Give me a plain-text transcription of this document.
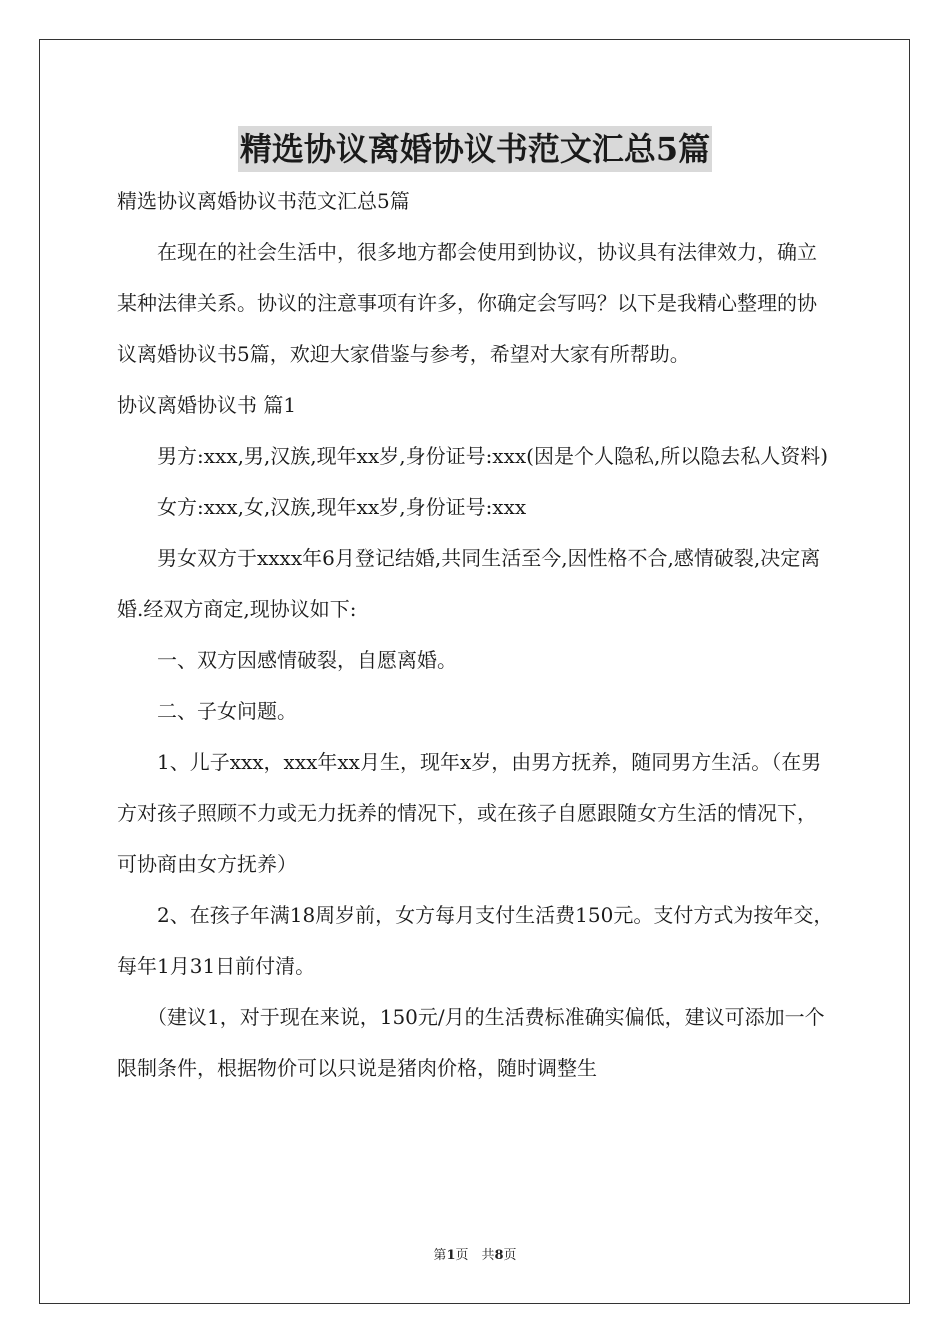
精选协议离婚协议书范文汇总5篇

精选协议离婚协议书范文汇总5篇

在现在的社会生活中，很多地方都会使用到协议，协议具有法律效力，确立某种法律关系。协议的注意事项有许多，你确定会写吗？以下是我精心整理的协议离婚协议书5篇，欢迎大家借鉴与参考，希望对大家有所帮助。

协议离婚协议书 篇1

男方:xxx,男,汉族,现年xx岁,身份证号:xxx(因是个人隐私,所以隐去私人资料)

女方:xxx,女,汉族,现年xx岁,身份证号:xxx

男女双方于xxxx年6月登记结婚,共同生活至今,因性格不合,感情破裂,决定离婚.经双方商定,现协议如下:

一、双方因感情破裂，自愿离婚。

二、子女问题。

1、儿子xxx，xxx年xx月生，现年x岁，由男方抚养，随同男方生活。（在男方对孩子照顾不力或无力抚养的情况下，或在孩子自愿跟随女方生活的情况下，可协商由女方抚养）

2、在孩子年满18周岁前，女方每月支付生活费150元。支付方式为按年交，每年1月31日前付清。

（建议1，对于现在来说，150元/月的生活费标准确实偏低，建议可添加一个限制条件，根据物价可以只说是猪肉价格，随时调整生

第1页　共8页
